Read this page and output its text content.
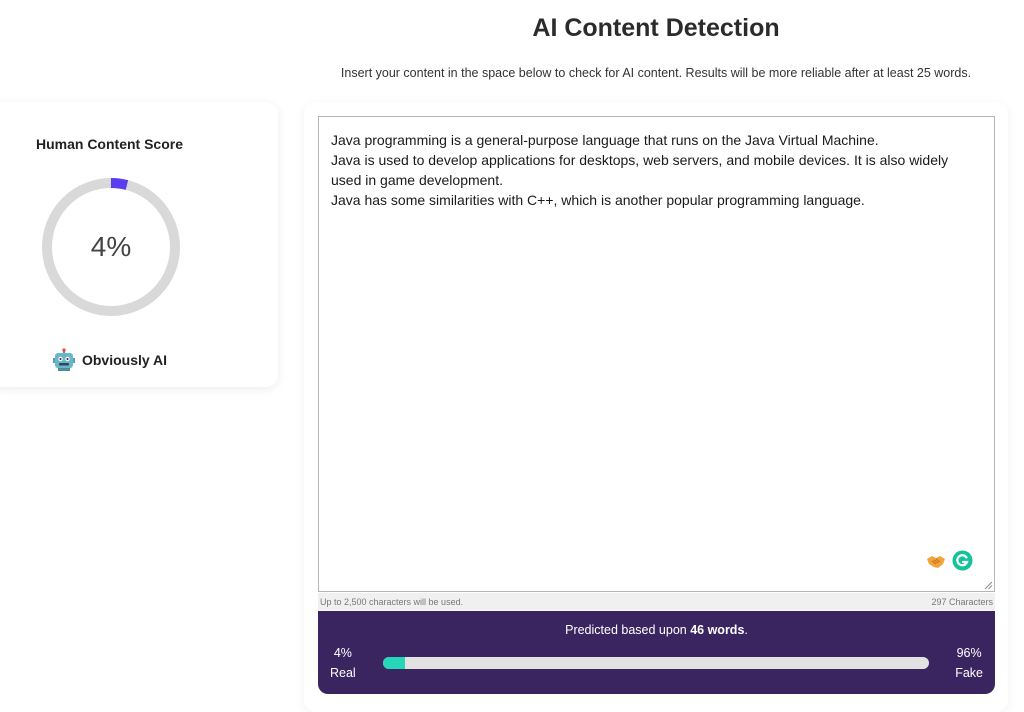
AI Content Detection
Insert your content in the space below to check for AI content. Results will be more reliable after at least 25 words.
Human Content Score
4%
Obviously AI
Java programming is a general-purpose language that runs on the Java Virtual Machine.
Java is used to develop applications for desktops, web servers, and mobile devices. It is also widely used in game development.
Java has some similarities with C++, which is another popular programming language.
Up to 2,500 characters will be used.	297 Characters
Predicted based upon 46 words.
4%
Real
96%
Fake
